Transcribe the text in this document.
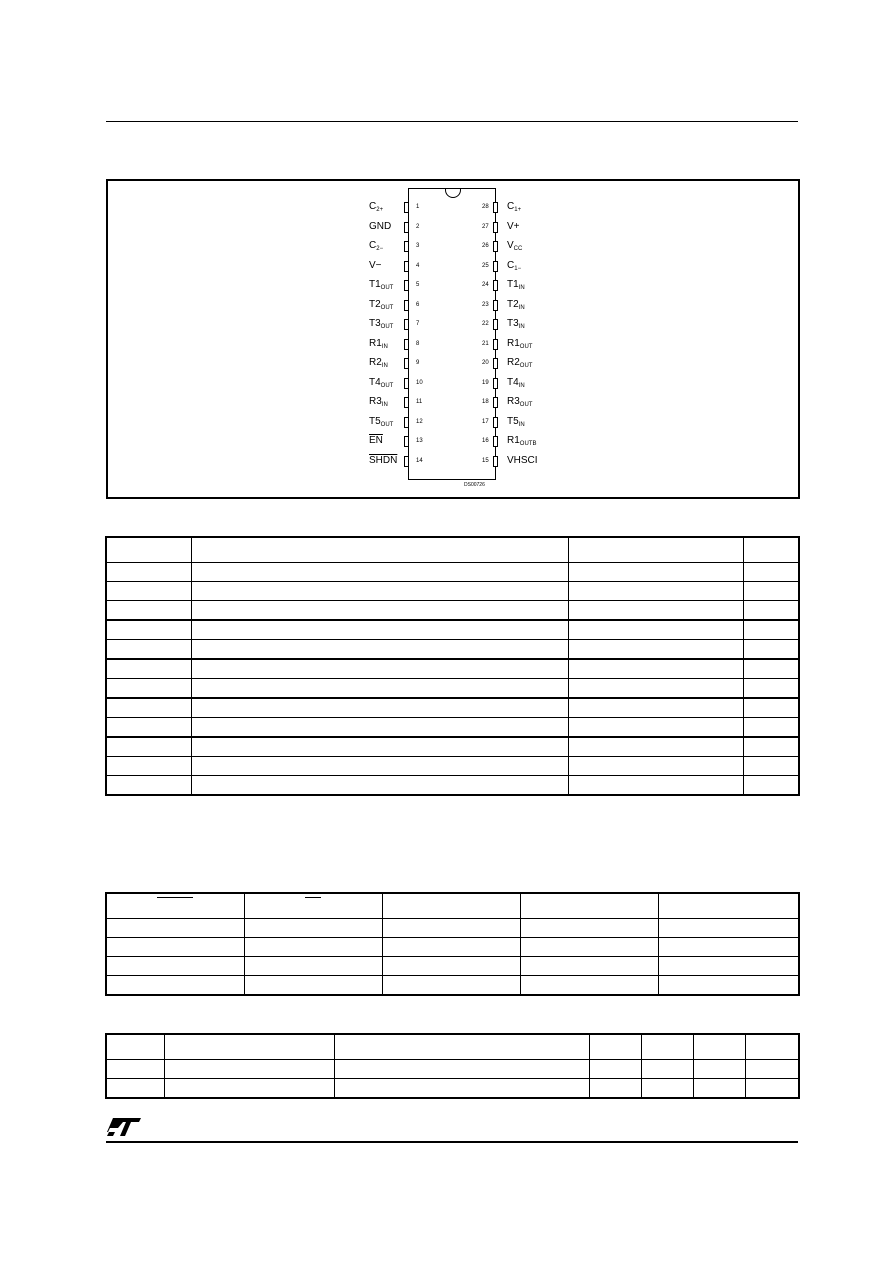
$C_{2+}$	1
GND	2
$C_{2-}$	3
V−	4
$T1_{OUT}$	5
$T2_{OUT}$	6
$T3_{OUT}$	7
$R1_{IN}$	8
$R2_{IN}$	9
$T4_{OUT}$	10
$R3_{IN}$	11
$T5_{OUT}$	12
$\overline{EN}$	13
SHDN	14
$C_{1+}$
28
V+
27
$V_{CC}$
26
$C_{1-}$
25
$T1_{IN}$
24
$T2_{IN}$
23
$T3_{IN}$
22
$R1_{OUT}$
21
$R2_{OUT}$
20
$T4_{IN}$
19
$R3_{OUT}$
18
$T5_{IN}$
17
$R1_{OUTB}$
16
VHSCI
15
DS00726
